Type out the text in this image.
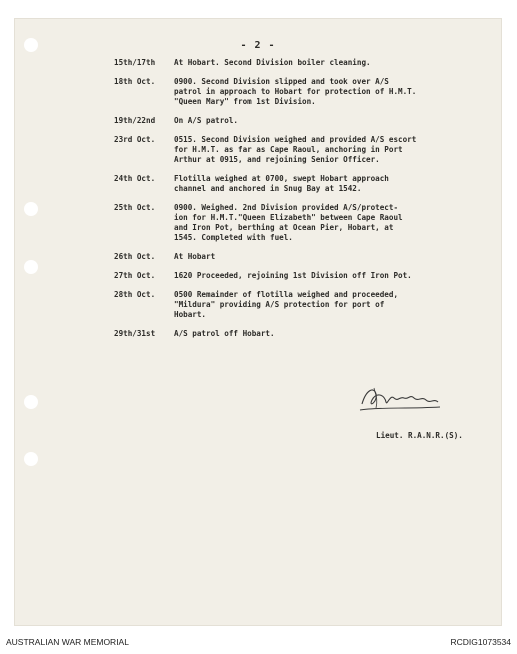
- 2 -
15th/17th	At Hobart. Second Division boiler cleaning.
18th Oct.	0900. Second Division slipped and took over A/S
patrol in approach to Hobart for protection of H.M.T.
"Queen Mary" from 1st Division.
19th/22nd	On A/S patrol.
23rd Oct.	0515. Second Division weighed and provided A/S escort
for H.M.T. as far as Cape Raoul, anchoring in Port
Arthur at 0915, and rejoining Senior Officer.
24th Oct.	Flotilla weighed at 0700, swept Hobart approach
channel and anchored in Snug Bay at 1542.
25th Oct.	0900. Weighed. 2nd Division provided A/S/protect-
ion for H.M.T."Queen Elizabeth" between Cape Raoul
and Iron Pot, berthing at Ocean Pier, Hobart, at
1545. Completed with fuel.
26th Oct.	At Hobart
27th Oct.	1620 Proceeded, rejoining 1st Division off Iron Pot.
28th Oct.	0500 Remainder of flotilla weighed and proceeded,
"Mildura" providing A/S protection for port of
Hobart.
29th/31st	A/S patrol off Hobart.
Lieut. R.A.N.R.(S).
AUSTRALIAN WAR MEMORIAL	RCDIG1073534
